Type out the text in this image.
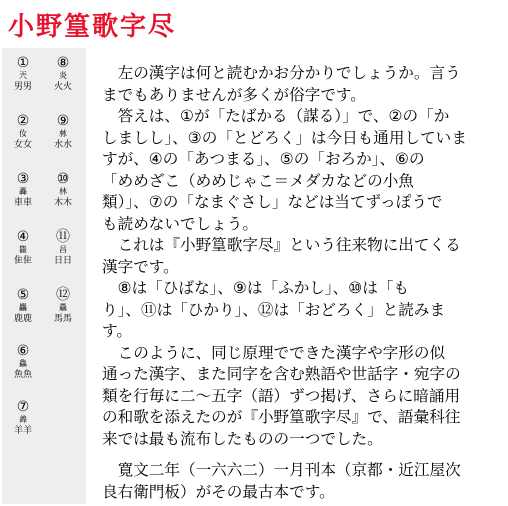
小野篁歌字尽
①
兲
男男
②
㚢
女女
③
轟
車車
④
雥
隹隹
⑤
麤
鹿鹿
⑥
鱻
魚魚
⑦
羴
羊羊
⑧
炎
火火
⑨
沝
水水
⑩
林
木木
⑪
昌
日日
⑫
驫
馬馬

　左の漢字は何と読むかお分かりでしょうか。言う

までもありませんが多くが俗字です。

　答えは、①が「たばかる（謀る）」で、②の「か

しましし」、③の「とどろく」は今日も通用していま

すが、④の「あつまる」、⑤の「おろか」、⑥の

「めめざこ（めめじゃこ＝メダカなどの小魚

類）」、⑦の「なまぐさし」などは当てずっぽうで

も読めないでしょう。

　これは『小野篁歌字尽』という往来物に出てくる

漢字です。

　⑧は「ひばな」、⑨は「ふかし」、⑩は「も

り」、⑪は「ひかり」、⑫は「おどろく」と読みま

す。

　このように、同じ原理でできた漢字や字形の似

通った漢字、また同字を含む熟語や世話字・宛字の

類を行毎に二〜五字（語）ずつ掲げ、さらに暗誦用

の和歌を添えたのが『小野篁歌字尽』で、語彙科往

来では最も流布したものの一つでした。

　寛文二年（一六六二）一月刊本（京都・近江屋次

良右衛門板）がその最古本です。
